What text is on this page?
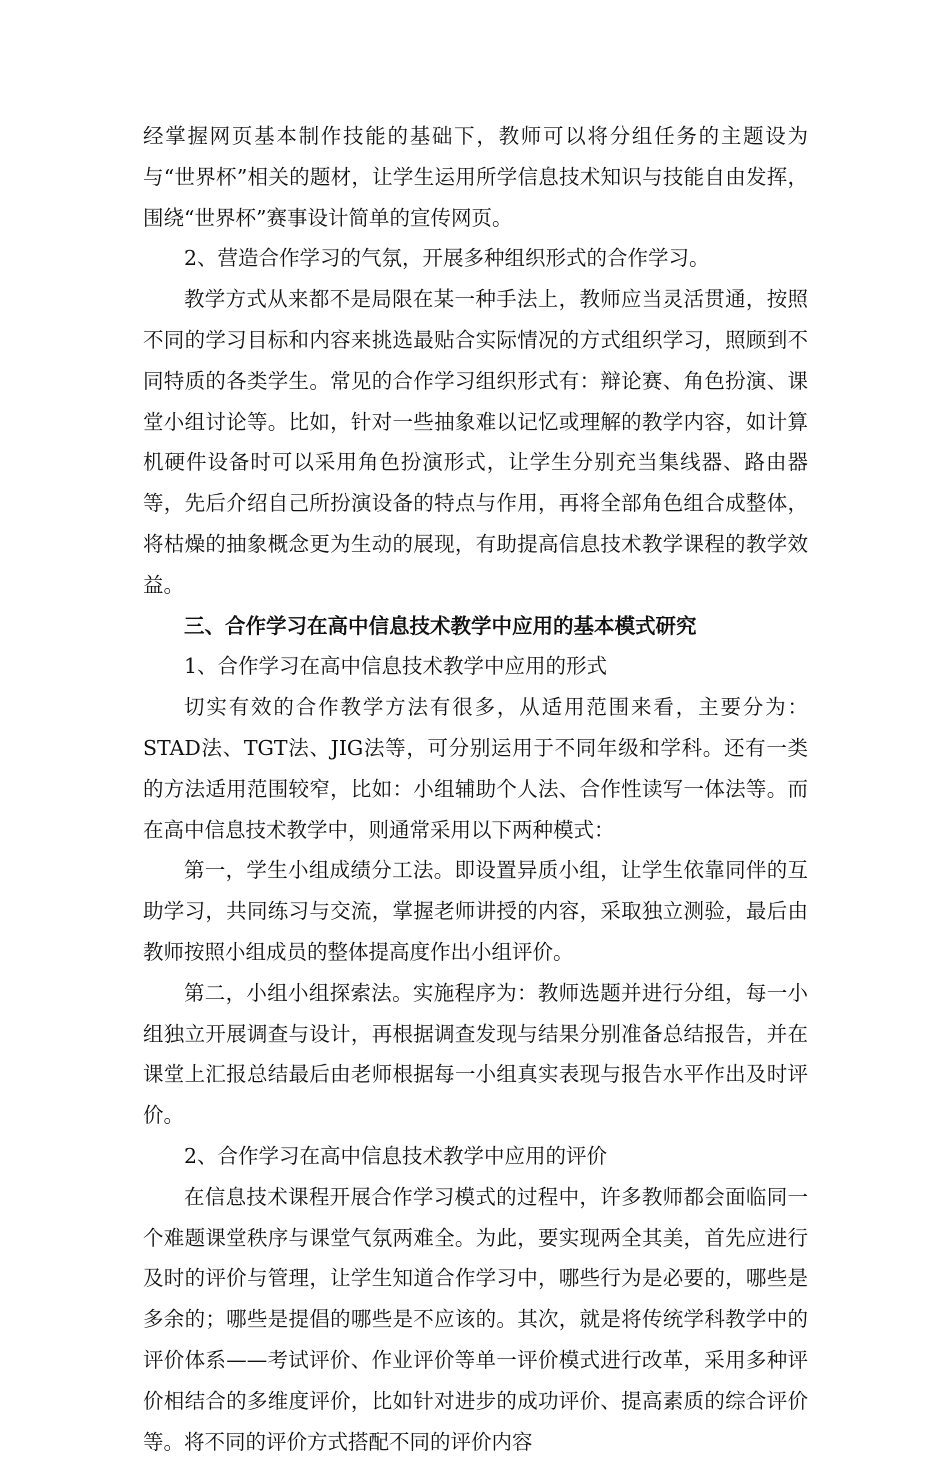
经掌握网页基本制作技能的基础下，教师可以将分组任务的主题设为与“世界杯”相关的题材，让学生运用所学信息技术知识与技能自由发挥，围绕“世界杯”赛事设计简单的宣传网页。

2、营造合作学习的气氛，开展多种组织形式的合作学习。

教学方式从来都不是局限在某一种手法上，教师应当灵活贯通，按照不同的学习目标和内容来挑选最贴合实际情况的方式组织学习，照顾到不同特质的各类学生。常见的合作学习组织形式有：辩论赛、角色扮演、课堂小组讨论等。比如，针对一些抽象难以记忆或理解的教学内容，如计算机硬件设备时可以采用角色扮演形式，让学生分别充当集线器、路由器等，先后介绍自己所扮演设备的特点与作用，再将全部角色组合成整体，将枯燥的抽象概念更为生动的展现，有助提高信息技术教学课程的教学效益。

三、合作学习在高中信息技术教学中应用的基本模式研究

1、合作学习在高中信息技术教学中应用的形式

切实有效的合作教学方法有很多，从适用范围来看，主要分为：STAD法、TGT法、JIG法等，可分别运用于不同年级和学科。还有一类的方法适用范围较窄，比如：小组辅助个人法、合作性读写一体法等。而在高中信息技术教学中，则通常采用以下两种模式：

第一，学生小组成绩分工法。即设置异质小组，让学生依靠同伴的互助学习，共同练习与交流，掌握老师讲授的内容，采取独立测验，最后由教师按照小组成员的整体提高度作出小组评价。

第二，小组小组探索法。实施程序为：教师选题并进行分组，每一小组独立开展调查与设计，再根据调查发现与结果分别准备总结报告，并在课堂上汇报总结最后由老师根据每一小组真实表现与报告水平作出及时评价。

2、合作学习在高中信息技术教学中应用的评价

在信息技术课程开展合作学习模式的过程中，许多教师都会面临同一个难题课堂秩序与课堂气氛两难全。为此，要实现两全其美，首先应进行及时的评价与管理，让学生知道合作学习中，哪些行为是必要的，哪些是多余的；哪些是提倡的哪些是不应该的。其次，就是将传统学科教学中的评价体系——考试评价、作业评价等单一评价模式进行改革，采用多种评价相结合的多维度评价，比如针对进步的成功评价、提高素质的综合评价等。将不同的评价方式搭配不同的评价内容
